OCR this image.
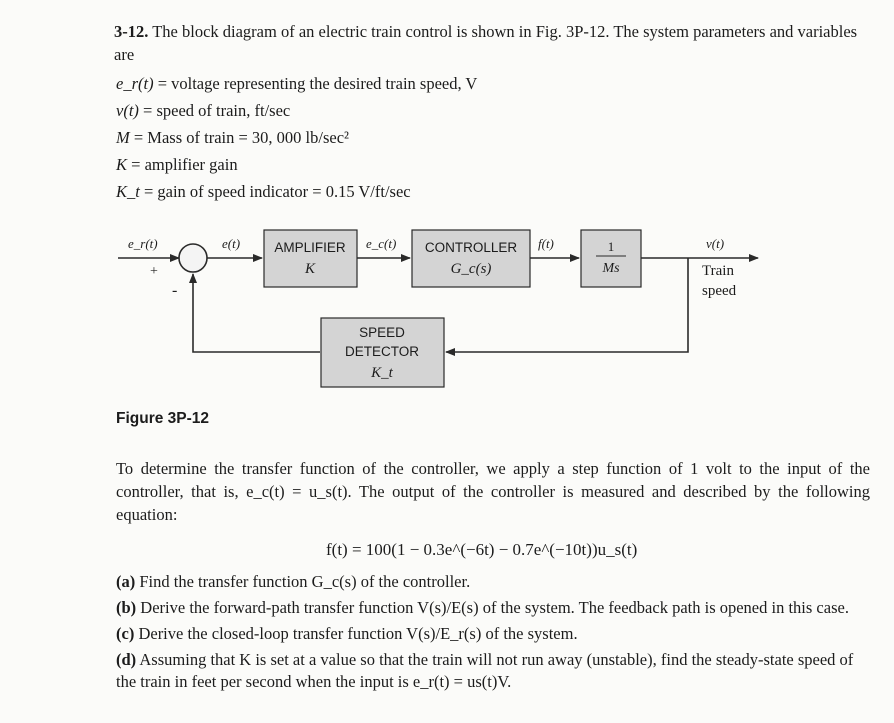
3-12. The block diagram of an electric train control is shown in Fig. 3P-12. The system parameters and variables are
e_r(t) = voltage representing the desired train speed, V
v(t) = speed of train, ft/sec
M = Mass of train = 30, 000 lb/sec²
K = amplifier gain
K_t = gain of speed indicator = 0.15 V/ft/sec
e_r(t)
+
-
e(t)	e_c(t)	f(t)	v(t)
Train
speed
AMPLIFIER
K
CONTROLLER
G_c(s)
1
Ms
SPEED
DETECTOR
K_t
Figure 3P-12
To determine the transfer function of the controller, we apply a step function of 1 volt to the input of the controller, that is, e_c(t) = u_s(t). The output of the controller is measured and described by the following equation:
f(t) = 100(1 − 0.3e^(−6t) − 0.7e^(−10t))u_s(t)
(a) Find the transfer function G_c(s) of the controller.
(b) Derive the forward-path transfer function V(s)/E(s) of the system. The feedback path is opened in this case.
(c) Derive the closed-loop transfer function V(s)/E_r(s) of the system.
(d) Assuming that K is set at a value so that the train will not run away (unstable), find the steady-state speed of the train in feet per second when the input is e_r(t) = us(t)V.
